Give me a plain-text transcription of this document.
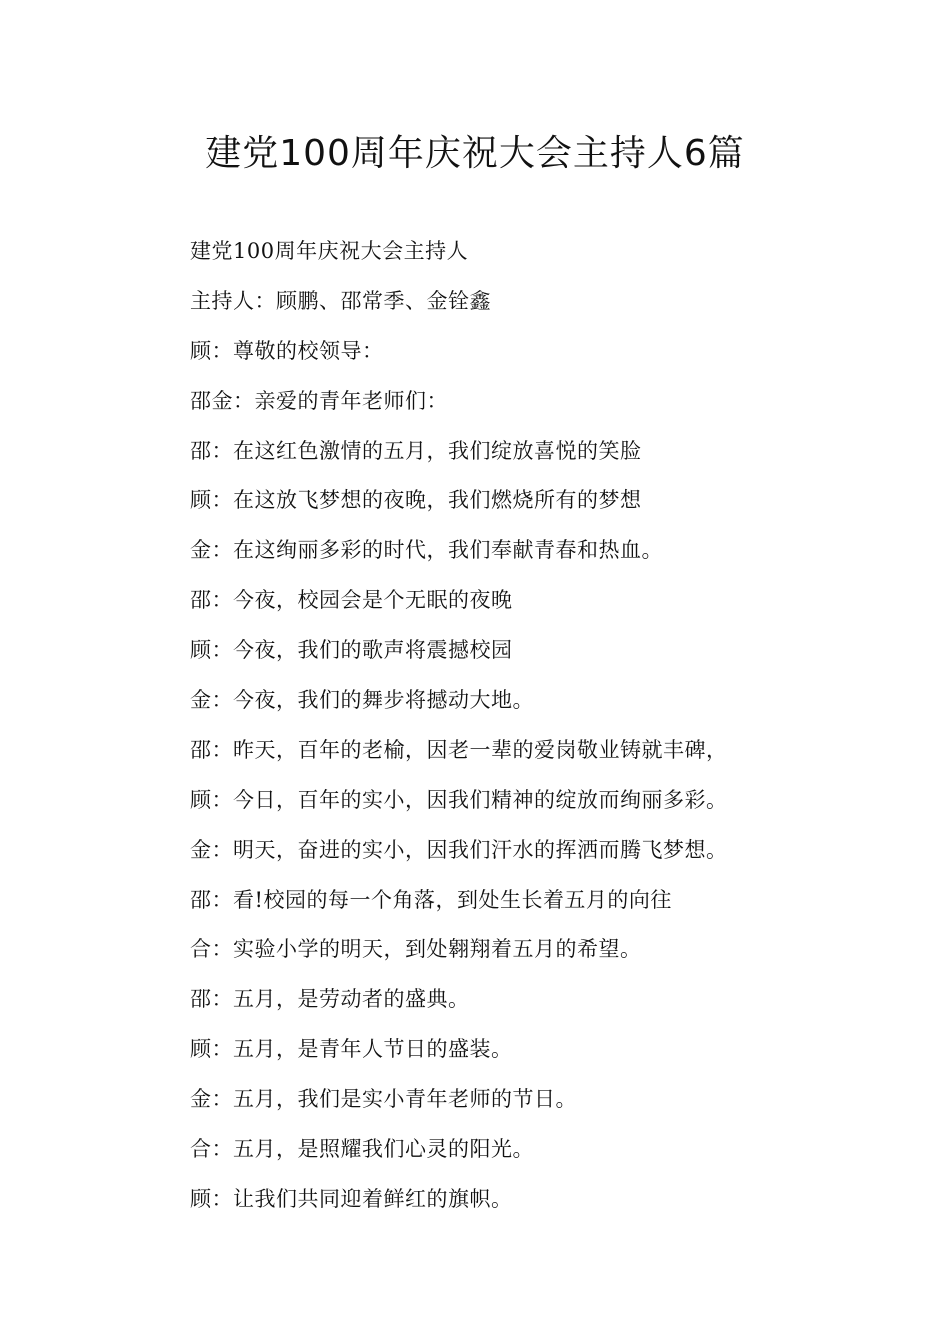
建党100周年庆祝大会主持人6篇
建党100周年庆祝大会主持人
主持人：顾鹏、邵常季、金铨鑫
顾：尊敬的校领导：
邵金：亲爱的青年老师们：
邵：在这红色激情的五月，我们绽放喜悦的笑脸
顾：在这放飞梦想的夜晚，我们燃烧所有的梦想
金：在这绚丽多彩的时代，我们奉献青春和热血。
邵：今夜，校园会是个无眠的夜晚
顾：今夜，我们的歌声将震撼校园
金：今夜，我们的舞步将撼动大地。
邵：昨天，百年的老榆，因老一辈的爱岗敬业铸就丰碑，
顾：今日，百年的实小，因我们精神的绽放而绚丽多彩。
金：明天，奋进的实小，因我们汗水的挥洒而腾飞梦想。
邵：看!校园的每一个角落，到处生长着五月的向往
合：实验小学的明天，到处翱翔着五月的希望。
邵：五月，是劳动者的盛典。
顾：五月，是青年人节日的盛装。
金：五月，我们是实小青年老师的节日。
合：五月，是照耀我们心灵的阳光。
顾：让我们共同迎着鲜红的旗帜。
